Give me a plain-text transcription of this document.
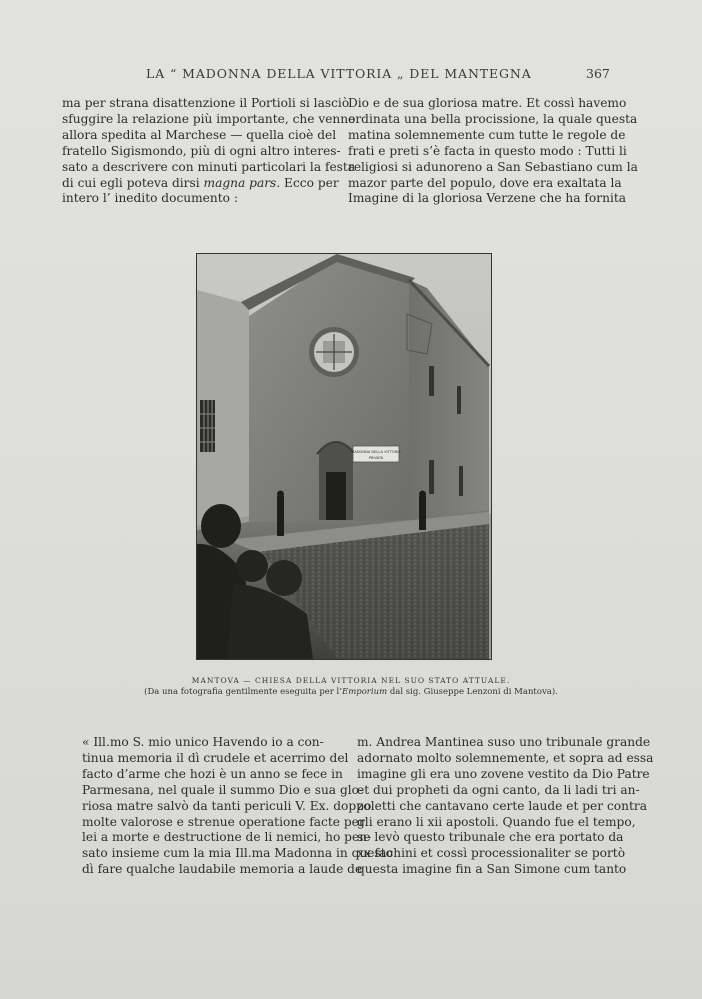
LA “ MADONNA DELLA VITTORIA „ DEL MANTEGNA	367
ma per strana disattenzione il Portioli si lasciò
sfuggire la relazione più importante, che venne
allora spedita al Marchese — quella cioè del
fratello Sigismondo, più di ogni altro interes-
sato a descrivere con minuti particolari la festa
di cui egli poteva dirsi magna pars. Ecco per
intero l’ inedito documento :
Dio e de sua gloriosa matre. Et cossì havemo
ordinata una bella procissione, la quale questa
matina solemnemente cum tutte le regole de
frati e preti s’è facta in questo modo : Tutti li
religiosi si adunoreno a San Sebastiano cum la
mazor parte del populo, dove era exaltata la
Imagine di la gloriosa Verzene che ha fornita
MADONNA DELLA VITTORIA
PRIVATA
MANTOVA — CHIESA DELLA VITTORIA NEL SUO STATO ATTUALE.
(Da una fotografia gentilmente eseguita per l’Emporium dal sig. Giuseppe Lenzoni di Mantova).
« Ill.mo S. mio unico Havendo io a con-
tinua memoria il dì crudele et acerrimo del
facto d’arme che hozi è un anno se fece in
Parmesana, nel quale il summo Dio e sua glo-
riosa matre salvò da tanti periculi V. Ex. doppo
molte valorose e strenue operatione facte per
lei a morte e destructione de li nemici, ho pen-
sato insieme cum la mia Ill.ma Madonna in questo
dì fare qualche laudabile memoria a laude de
m. Andrea Mantinea suso uno tribunale grande
adornato molto solemnemente, et sopra ad essa
imagine gli era uno zovene vestito da Dio Patre
et dui propheti da ogni canto, da li ladi tri an-
zoletti che cantavano certe laude et per contra
gli erano li xii apostoli. Quando fue el tempo,
se levò questo tribunale che era portato da
xx fachini et cossì processionaliter se portò
questa imagine fin a San Simone cum tanto
